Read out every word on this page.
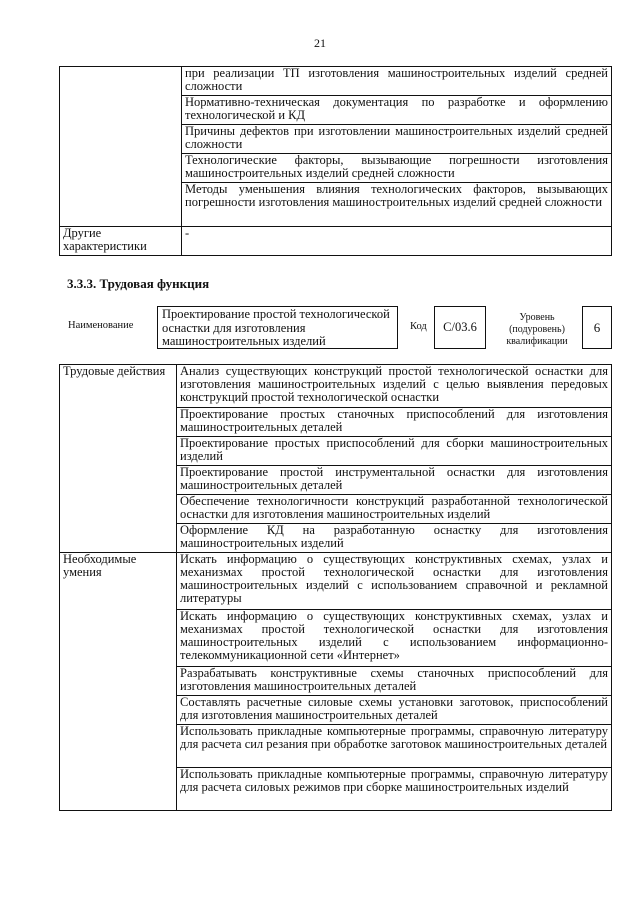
21
	при реализации ТП изготовления машиностроительных изделий средней сложности
	Нормативно-техническая документация по разработке и оформлению технологической и КД
	Причины дефектов при изготовлении машиностроительных изделий средней сложности
	Технологические факторы, вызывающие погрешности изготовления машиностроительных изделий средней сложности
	Методы уменьшения влияния технологических факторов, вызывающих погрешности изготовления машиностроительных изделий средней сложности
Другие характеристики	-
3.3.3. Трудовая функция
Наименование
Проектирование простой технологической оснастки для изготовления машиностроительных изделий
Код	C/03.6
Уровень (подуровень) квалификации
6
Трудовые действия	Анализ существующих конструкций простой технологической оснастки для изготовления машиностроительных изделий с целью выявления передовых конструкций простой технологической оснастки
	Проектирование простых станочных приспособлений для изготовления машиностроительных деталей
	Проектирование простых приспособлений для сборки машиностроительных изделий
	Проектирование простой инструментальной оснастки для изготовления машиностроительных деталей
	Обеспечение технологичности конструкций разработанной технологической оснастки для изготовления машиностроительных изделий
	Оформление КД на разработанную оснастку для изготовления машиностроительных изделий
Необходимые умения	Искать информацию о существующих конструктивных схемах, узлах и механизмах простой технологической оснастки для изготовления машиностроительных изделий с использованием справочной и рекламной литературы
	Искать информацию о существующих конструктивных схемах, узлах и механизмах простой технологической оснастки для изготовления машиностроительных изделий с использованием информационно-телекоммуникационной сети «Интернет»
	Разрабатывать конструктивные схемы станочных приспособлений для изготовления машиностроительных деталей
	Составлять расчетные силовые схемы установки заготовок, приспособлений для изготовления машиностроительных деталей
	Использовать прикладные компьютерные программы, справочную литературу для расчета сил резания при обработке заготовок машиностроительных деталей
	Использовать прикладные компьютерные программы, справочную литературу для расчета силовых режимов при сборке машиностроительных изделий
